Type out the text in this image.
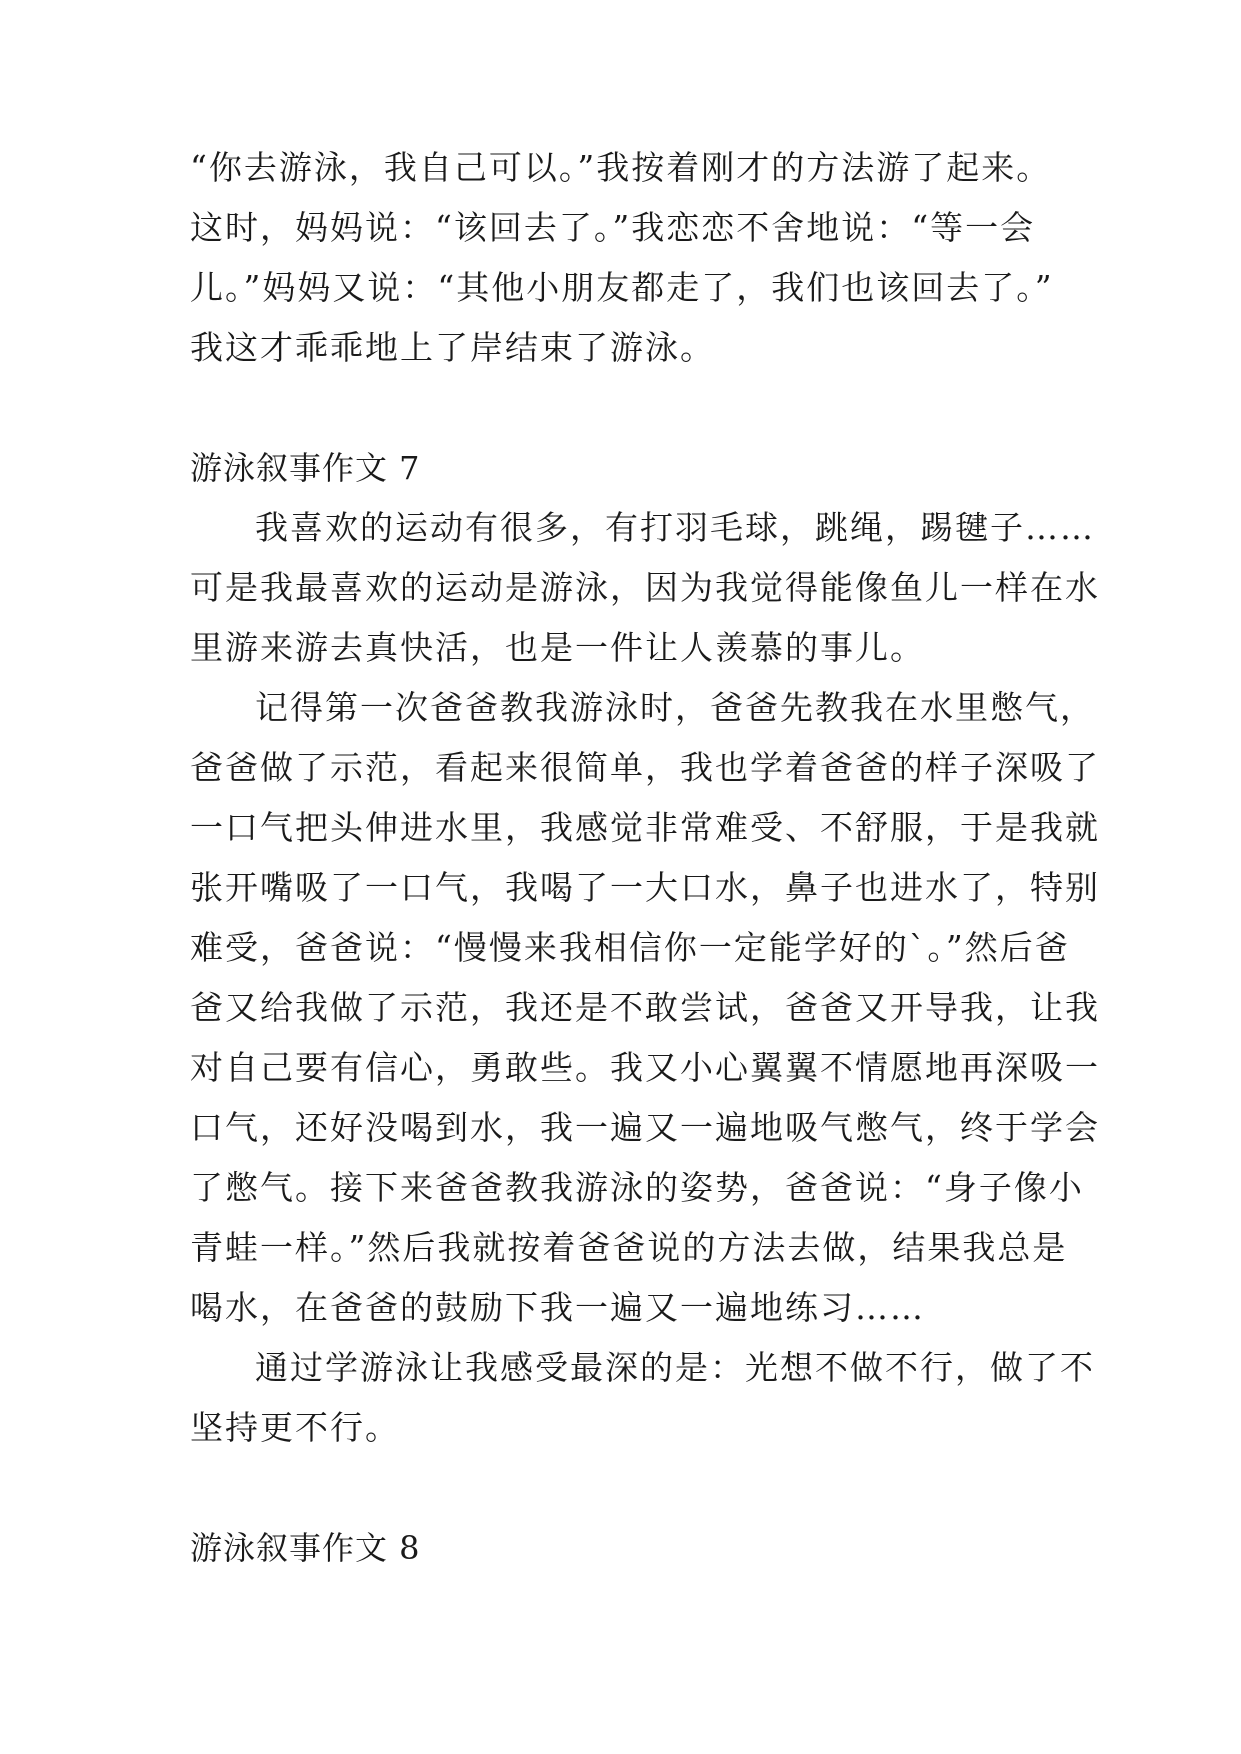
“你去游泳，我自己可以。”我按着刚才的方法游了起来。
这时，妈妈说：“该回去了。”我恋恋不舍地说：“等一会
儿。”妈妈又说：“其他小朋友都走了，我们也该回去了。”
我这才乖乖地上了岸结束了游泳。
游泳叙事作文 7
我喜欢的运动有很多，有打羽毛球，跳绳，踢毽子……
可是我最喜欢的运动是游泳，因为我觉得能像鱼儿一样在水
里游来游去真快活，也是一件让人羡慕的事儿。
记得第一次爸爸教我游泳时，爸爸先教我在水里憋气，
爸爸做了示范，看起来很简单，我也学着爸爸的样子深吸了
一口气把头伸进水里，我感觉非常难受、不舒服，于是我就
张开嘴吸了一口气，我喝了一大口水，鼻子也进水了，特别
难受，爸爸说：“慢慢来我相信你一定能学好的`。”然后爸
爸又给我做了示范，我还是不敢尝试，爸爸又开导我，让我
对自己要有信心，勇敢些。我又小心翼翼不情愿地再深吸一
口气，还好没喝到水，我一遍又一遍地吸气憋气，终于学会
了憋气。接下来爸爸教我游泳的姿势，爸爸说：“身子像小
青蛙一样。”然后我就按着爸爸说的方法去做，结果我总是
喝水，在爸爸的鼓励下我一遍又一遍地练习……
通过学游泳让我感受最深的是：光想不做不行，做了不
坚持更不行。
游泳叙事作文 8
